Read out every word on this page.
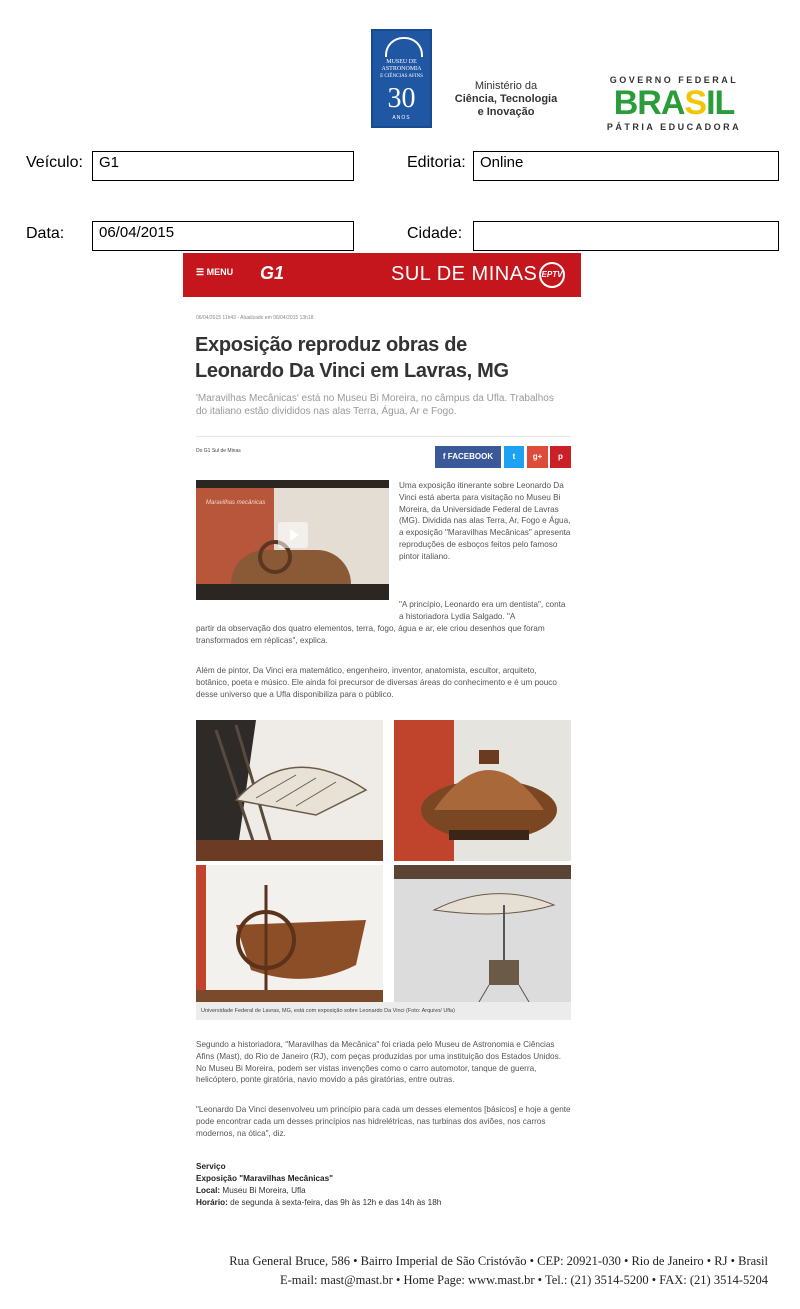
MUSEU DE
ASTRONOMIA
E CIÊNCIAS AFINS
30
ANOS
Ministério da
Ciência, Tecnologia
e Inovação
GOVERNO FEDERAL
BRASIL
PÁTRIA EDUCADORA
Veículo:	G1	Editoria: Online
Data:	06/04/2015	Cidade:
☰ MENU G1	SUL DE MINAS EPTV
06/04/2015 11h43 - Atualizado em 06/04/2015 13h18
Exposição reproduz obras de Leonardo Da Vinci em Lavras, MG
'Maravilhas Mecânicas' está no Museu Bi Moreira, no câmpus da Ufla. Trabalhos do italiano estão divididos nas alas Terra, Água, Ar e Fogo.
Do G1 Sul de Minas
f FACEBOOK	t	g+	p
Maravilhas mecânicas
Uma exposição itinerante sobre Leonardo Da Vinci está aberta para visitação no Museu Bi Moreira, da Universidade Federal de Lavras (MG). Dividida nas alas Terra, Ar, Fogo e Água, a exposição "Maravilhas Mecânicas" apresenta reproduções de esboços feitos pelo famoso pintor italiano.
"A princípio, Leonardo era um dentista", conta a historiadora Lydia Salgado. "A
partir da observação dos quatro elementos, terra, fogo, água e ar, ele criou desenhos que foram transformados em réplicas", explica.
Além de pintor, Da Vinci era matemático, engenheiro, inventor, anatomista, escultor, arquiteto, botânico, poeta e músico. Ele ainda foi precursor de diversas áreas do conhecimento e é um pouco desse universo que a Ufla disponibiliza para o público.
Universidade Federal de Lavras, MG, está com exposição sobre Leonardo Da Vinci (Foto: Arquivo/ Ufla)
Segundo a historiadora, "Maravilhas da Mecânica" foi criada pelo Museu de Astronomia e Ciências Afins (Mast), do Rio de Janeiro (RJ), com peças produzidas por uma instituição dos Estados Unidos. No Museu Bi Moreira, podem ser vistas invenções como o carro automotor, tanque de guerra, helicóptero, ponte giratória, navio movido a pás giratórias, entre outras.
"Leonardo Da Vinci desenvolveu um princípio para cada um desses elementos [básicos] e hoje a gente pode encontrar cada um desses princípios nas hidrelétricas, nas turbinas dos aviões, nos carros modernos, na ótica", diz.
Serviço
Exposição "Maravilhas Mecânicas"
Local: Museu Bi Moreira, Ufla
Horário: de segunda à sexta-feira, das 9h às 12h e das 14h às 18h
Rua General Bruce, 586 • Bairro Imperial de São Cristóvão • CEP: 20921-030 • Rio de Janeiro • RJ • Brasil
E-mail: mast@mast.br • Home Page: www.mast.br • Tel.: (21) 3514-5200 • FAX: (21) 3514-5204
